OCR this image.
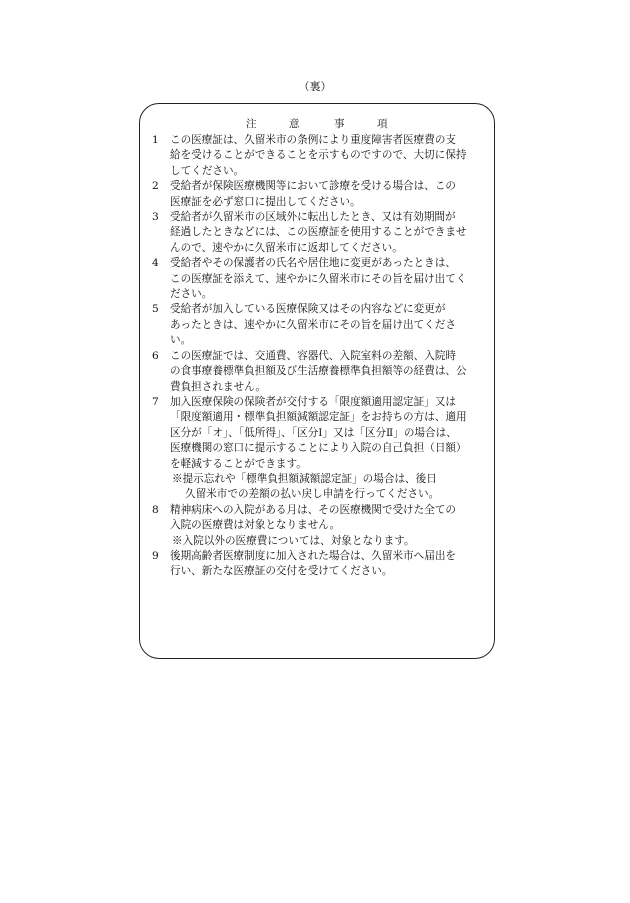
（裏）
注	意	事	項
1	この医療証は、久留米市の条例により重度障害者医療費の支
給を受けることができることを示すものですので、大切に保持
してください。
2	受給者が保険医療機関等において診療を受ける場合は、この
医療証を必ず窓口に提出してください。
3	受給者が久留米市の区域外に転出したとき、又は有効期間が
経過したときなどには、この医療証を使用することができませ
んので、速やかに久留米市に返却してください。
4	受給者やその保護者の氏名や居住地に変更があったときは、
この医療証を添えて、速やかに久留米市にその旨を届け出てく
ださい。
5	受給者が加入している医療保険又はその内容などに変更が
あったときは、速やかに久留米市にその旨を届け出てくださ
い。
6	この医療証では、交通費、容器代、入院室料の差額、入院時
の食事療養標準負担額及び生活療養標準負担額等の経費は、公
費負担されません。
7	加入医療保険の保険者が交付する「限度額適用認定証」又は
「限度額適用・標準負担額減額認定証」をお持ちの方は、適用
区分が「オ」、「低所得」、「区分Ⅰ」又は「区分Ⅱ」の場合は、
医療機関の窓口に提示することにより入院の自己負担（日額）
を軽減することができます。
※提示忘れや「標準負担額減額認定証」の場合は、後日
久留米市での差額の払い戻し申請を行ってください。
8	精神病床への入院がある月は、その医療機関で受けた全ての
入院の医療費は対象となりません。
※入院以外の医療費については、対象となります。
9	後期高齢者医療制度に加入された場合は、久留米市へ届出を
行い、新たな医療証の交付を受けてください。
